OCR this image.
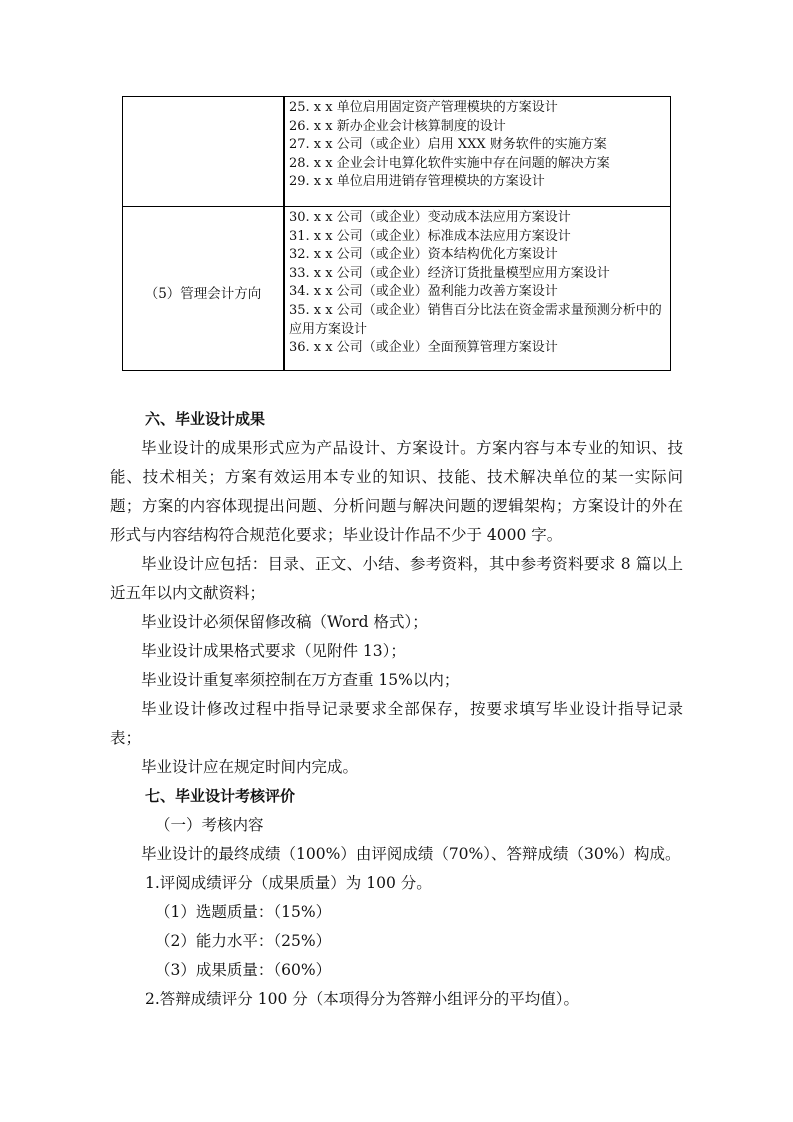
（5）管理会计方向
25. x x 单位启用固定资产管理模块的方案设计
26. x x 新办企业会计核算制度的设计
27. x x 公司（或企业）启用 XXX 财务软件的实施方案
28. x x 企业会计电算化软件实施中存在问题的解决方案
29. x x 单位启用进销存管理模块的方案设计
30. x x 公司（或企业）变动成本法应用方案设计
31. x x 公司（或企业）标准成本法应用方案设计
32. x x 公司（或企业）资本结构优化方案设计
33. x x 公司（或企业）经济订货批量模型应用方案设计
34. x x 公司（或企业）盈利能力改善方案设计
35. x x 公司（或企业）销售百分比法在资金需求量预测分析中的应用方案设计
36. x x 公司（或企业）全面预算管理方案设计
六、毕业设计成果
毕业设计的成果形式应为产品设计、方案设计。方案内容与本专业的知识、技能、技术相关；方案有效运用本专业的知识、技能、技术解决单位的某一实际问题；方案的内容体现提出问题、分析问题与解决问题的逻辑架构；方案设计的外在形式与内容结构符合规范化要求；毕业设计作品不少于 4000 字。
毕业设计应包括：目录、正文、小结、参考资料，其中参考资料要求 8 篇以上近五年以内文献资料；
毕业设计必须保留修改稿（Word 格式）；
毕业设计成果格式要求（见附件 13）；
毕业设计重复率须控制在万方查重 15%以内；
毕业设计修改过程中指导记录要求全部保存，按要求填写毕业设计指导记录表；
毕业设计应在规定时间内完成。
七、毕业设计考核评价
（一）考核内容
毕业设计的最终成绩（100%）由评阅成绩（70%）、答辩成绩（30%）构成。
1.评阅成绩评分（成果质量）为 100 分。
（1）选题质量：（15%）
（2）能力水平：（25%）
（3）成果质量：（60%）
2.答辩成绩评分 100 分（本项得分为答辩小组评分的平均值）。
